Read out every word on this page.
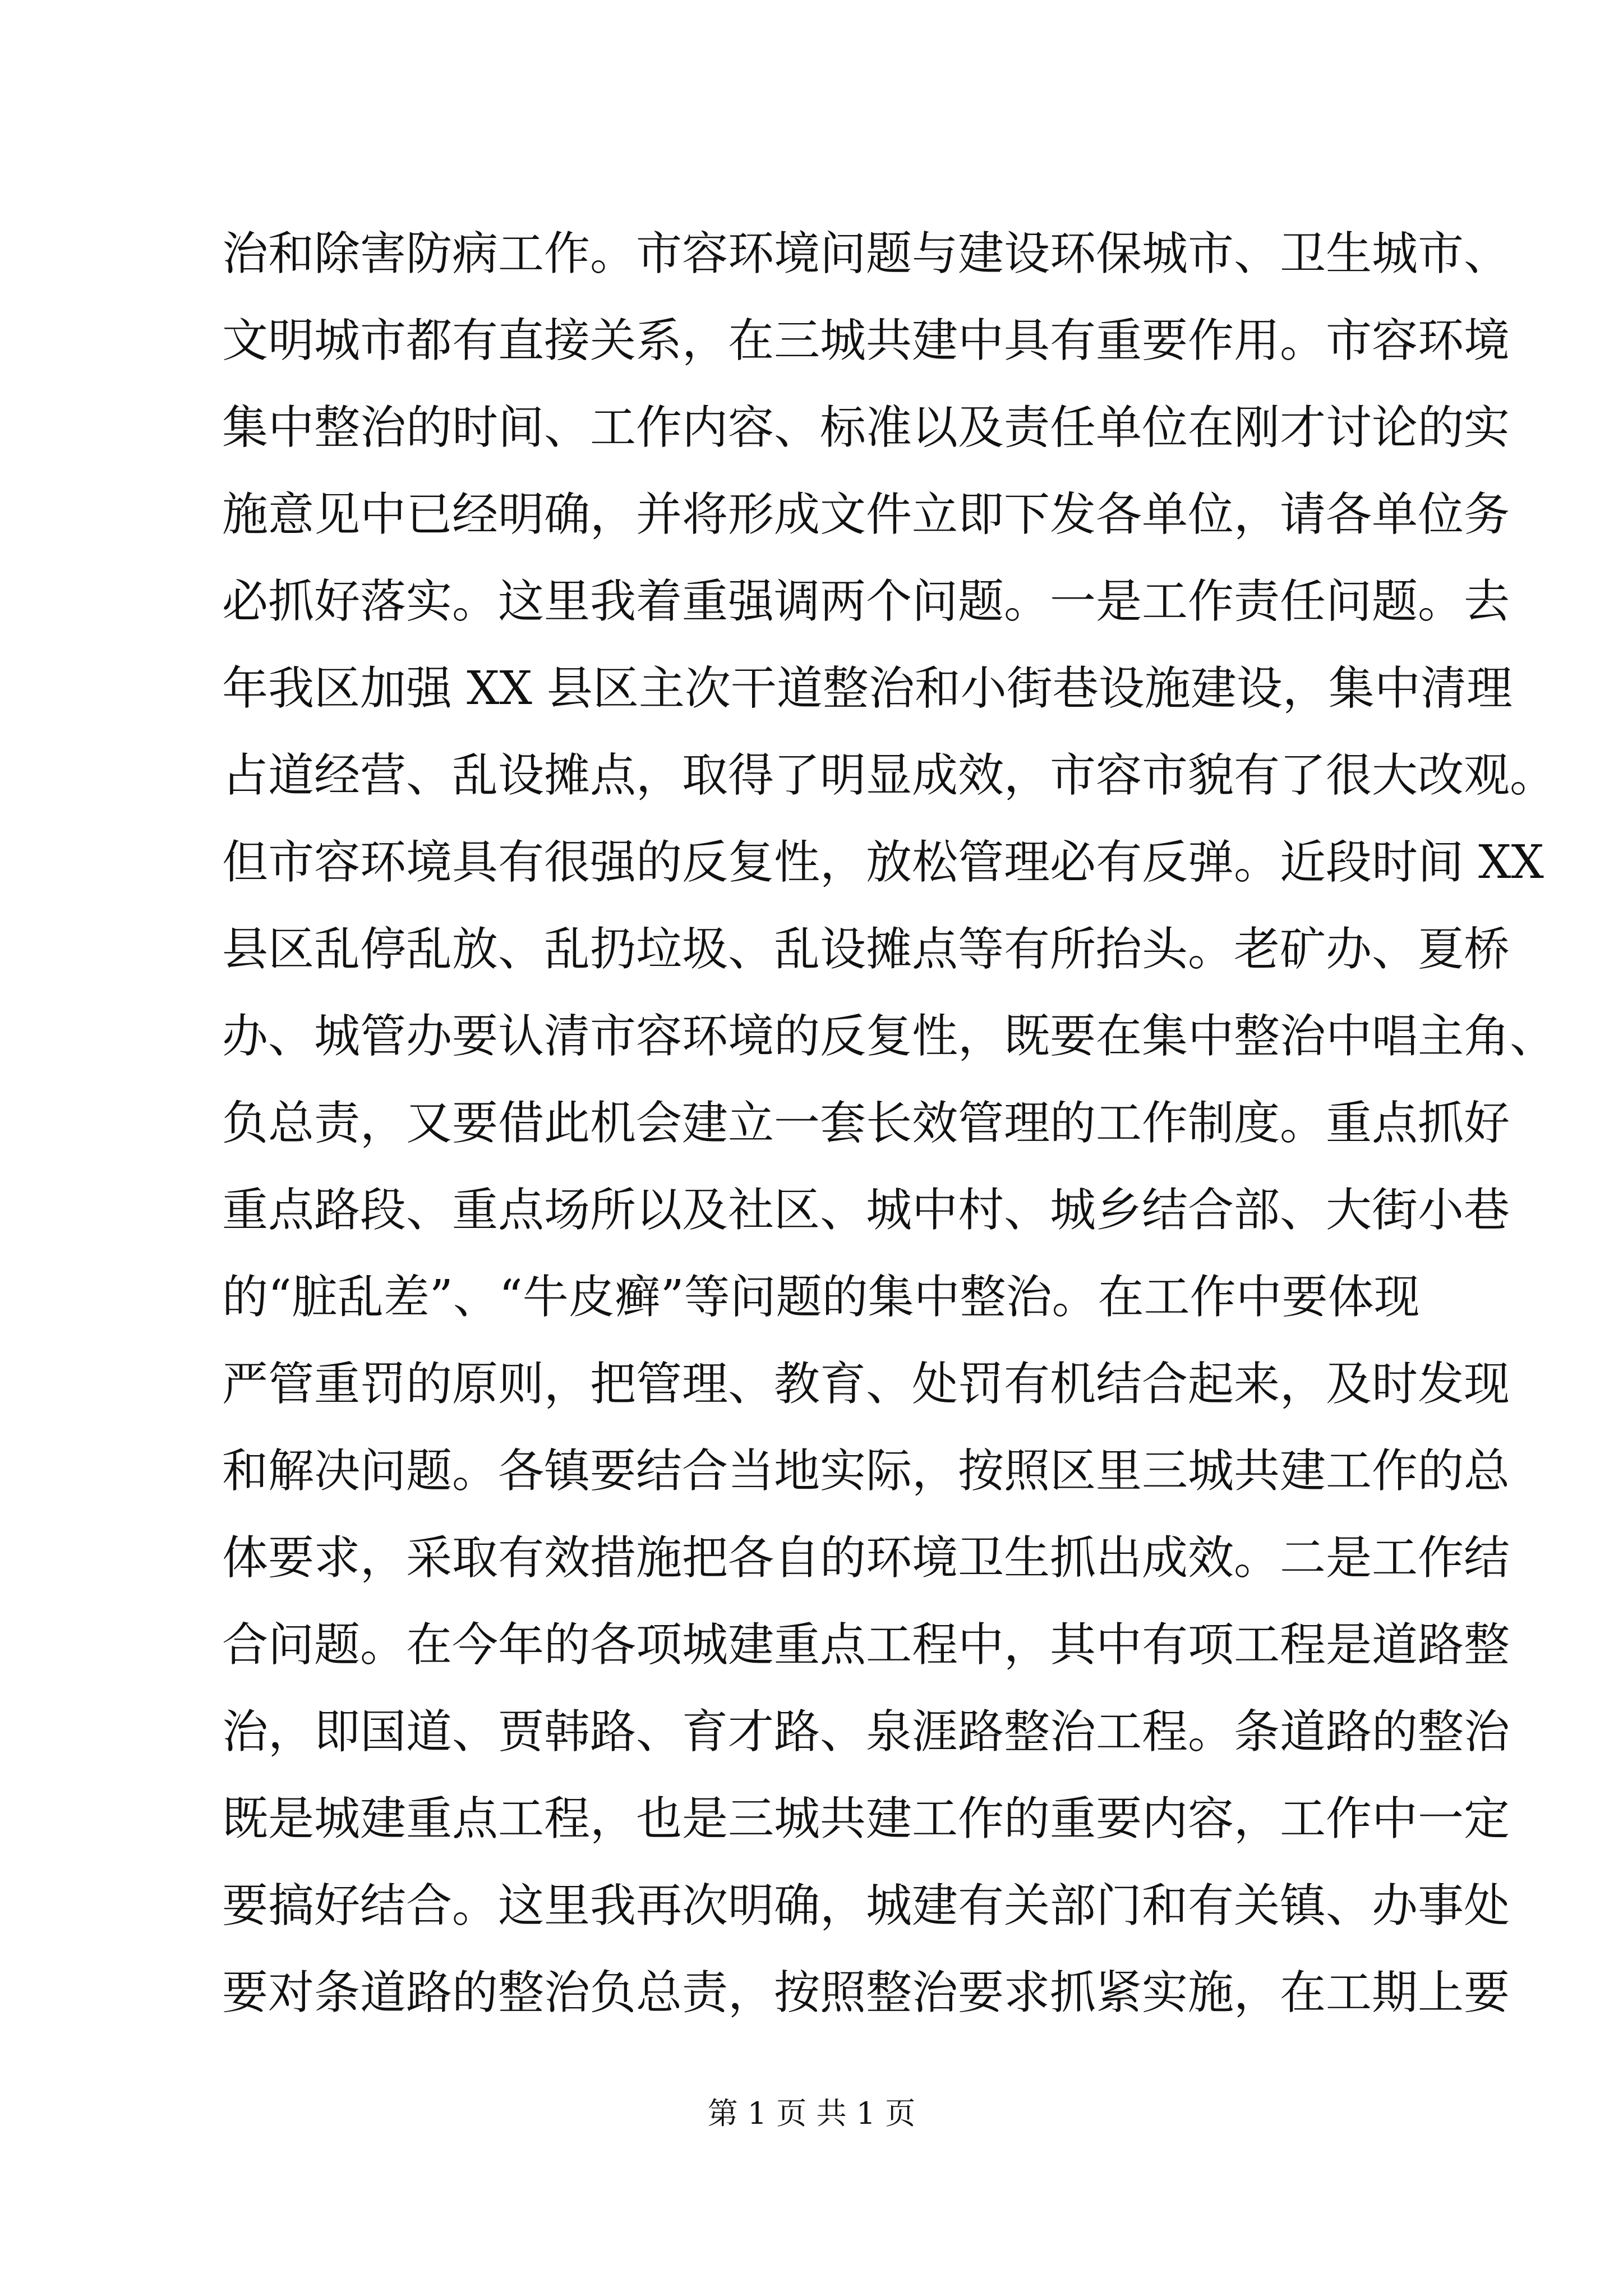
治和除害防病工作。市容环境问题与建设环保城市、卫生城市、
文明城市都有直接关系，在三城共建中具有重要作用。市容环境
集中整治的时间、工作内容、标准以及责任单位在刚才讨论的实
施意见中已经明确，并将形成文件立即下发各单位，请各单位务
必抓好落实。这里我着重强调两个问题。一是工作责任问题。去
年我区加强 XX 县区主次干道整治和小街巷设施建设，集中清理
占道经营、乱设摊点，取得了明显成效，市容市貌有了很大改观。
但市容环境具有很强的反复性，放松管理必有反弹。近段时间 XX
县区乱停乱放、乱扔垃圾、乱设摊点等有所抬头。老矿办、夏桥
办、城管办要认清市容环境的反复性，既要在集中整治中唱主角、
负总责，又要借此机会建立一套长效管理的工作制度。重点抓好
重点路段、重点场所以及社区、城中村、城乡结合部、大街小巷
的“脏乱差”、“牛皮癣”等问题的集中整治。在工作中要体现
严管重罚的原则，把管理、教育、处罚有机结合起来，及时发现
和解决问题。各镇要结合当地实际，按照区里三城共建工作的总
体要求，采取有效措施把各自的环境卫生抓出成效。二是工作结
合问题。在今年的各项城建重点工程中，其中有项工程是道路整
治，即国道、贾韩路、育才路、泉涯路整治工程。条道路的整治
既是城建重点工程，也是三城共建工作的重要内容，工作中一定
要搞好结合。这里我再次明确，城建有关部门和有关镇、办事处
要对条道路的整治负总责，按照整治要求抓紧实施，在工期上要
第 1 页 共 1 页
